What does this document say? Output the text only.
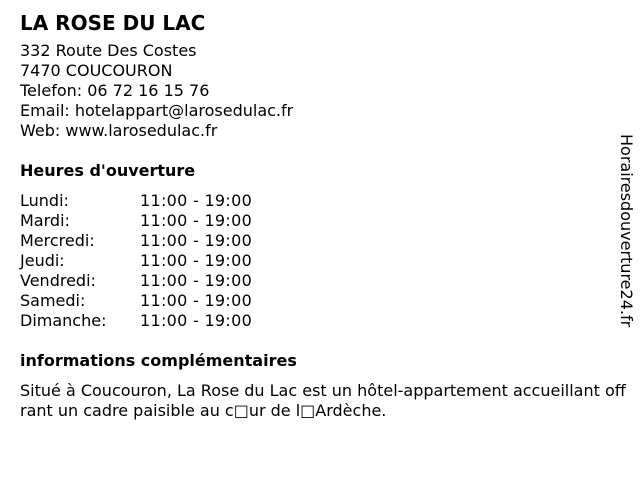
LA ROSE DU LAC
332 Route Des Costes
7470 COUCOURON
Telefon: 06 72 16 15 76
Email: hotelappart@larosedulac.fr
Web: www.larosedulac.fr
Heures d'ouverture
Lundi:	11:00 - 19:00
Mardi:	11:00 - 19:00
Mercredi:	11:00 - 19:00
Jeudi:	11:00 - 19:00
Vendredi:	11:00 - 19:00
Samedi:	11:00 - 19:00
Dimanche:	11:00 - 19:00
informations complémentaires
Situé à Coucouron, La Rose du Lac est un hôtel-appartement accueillant offrant un cadre paisible au c□ur de l□Ardèche.
Horairesdouverture24.fr
